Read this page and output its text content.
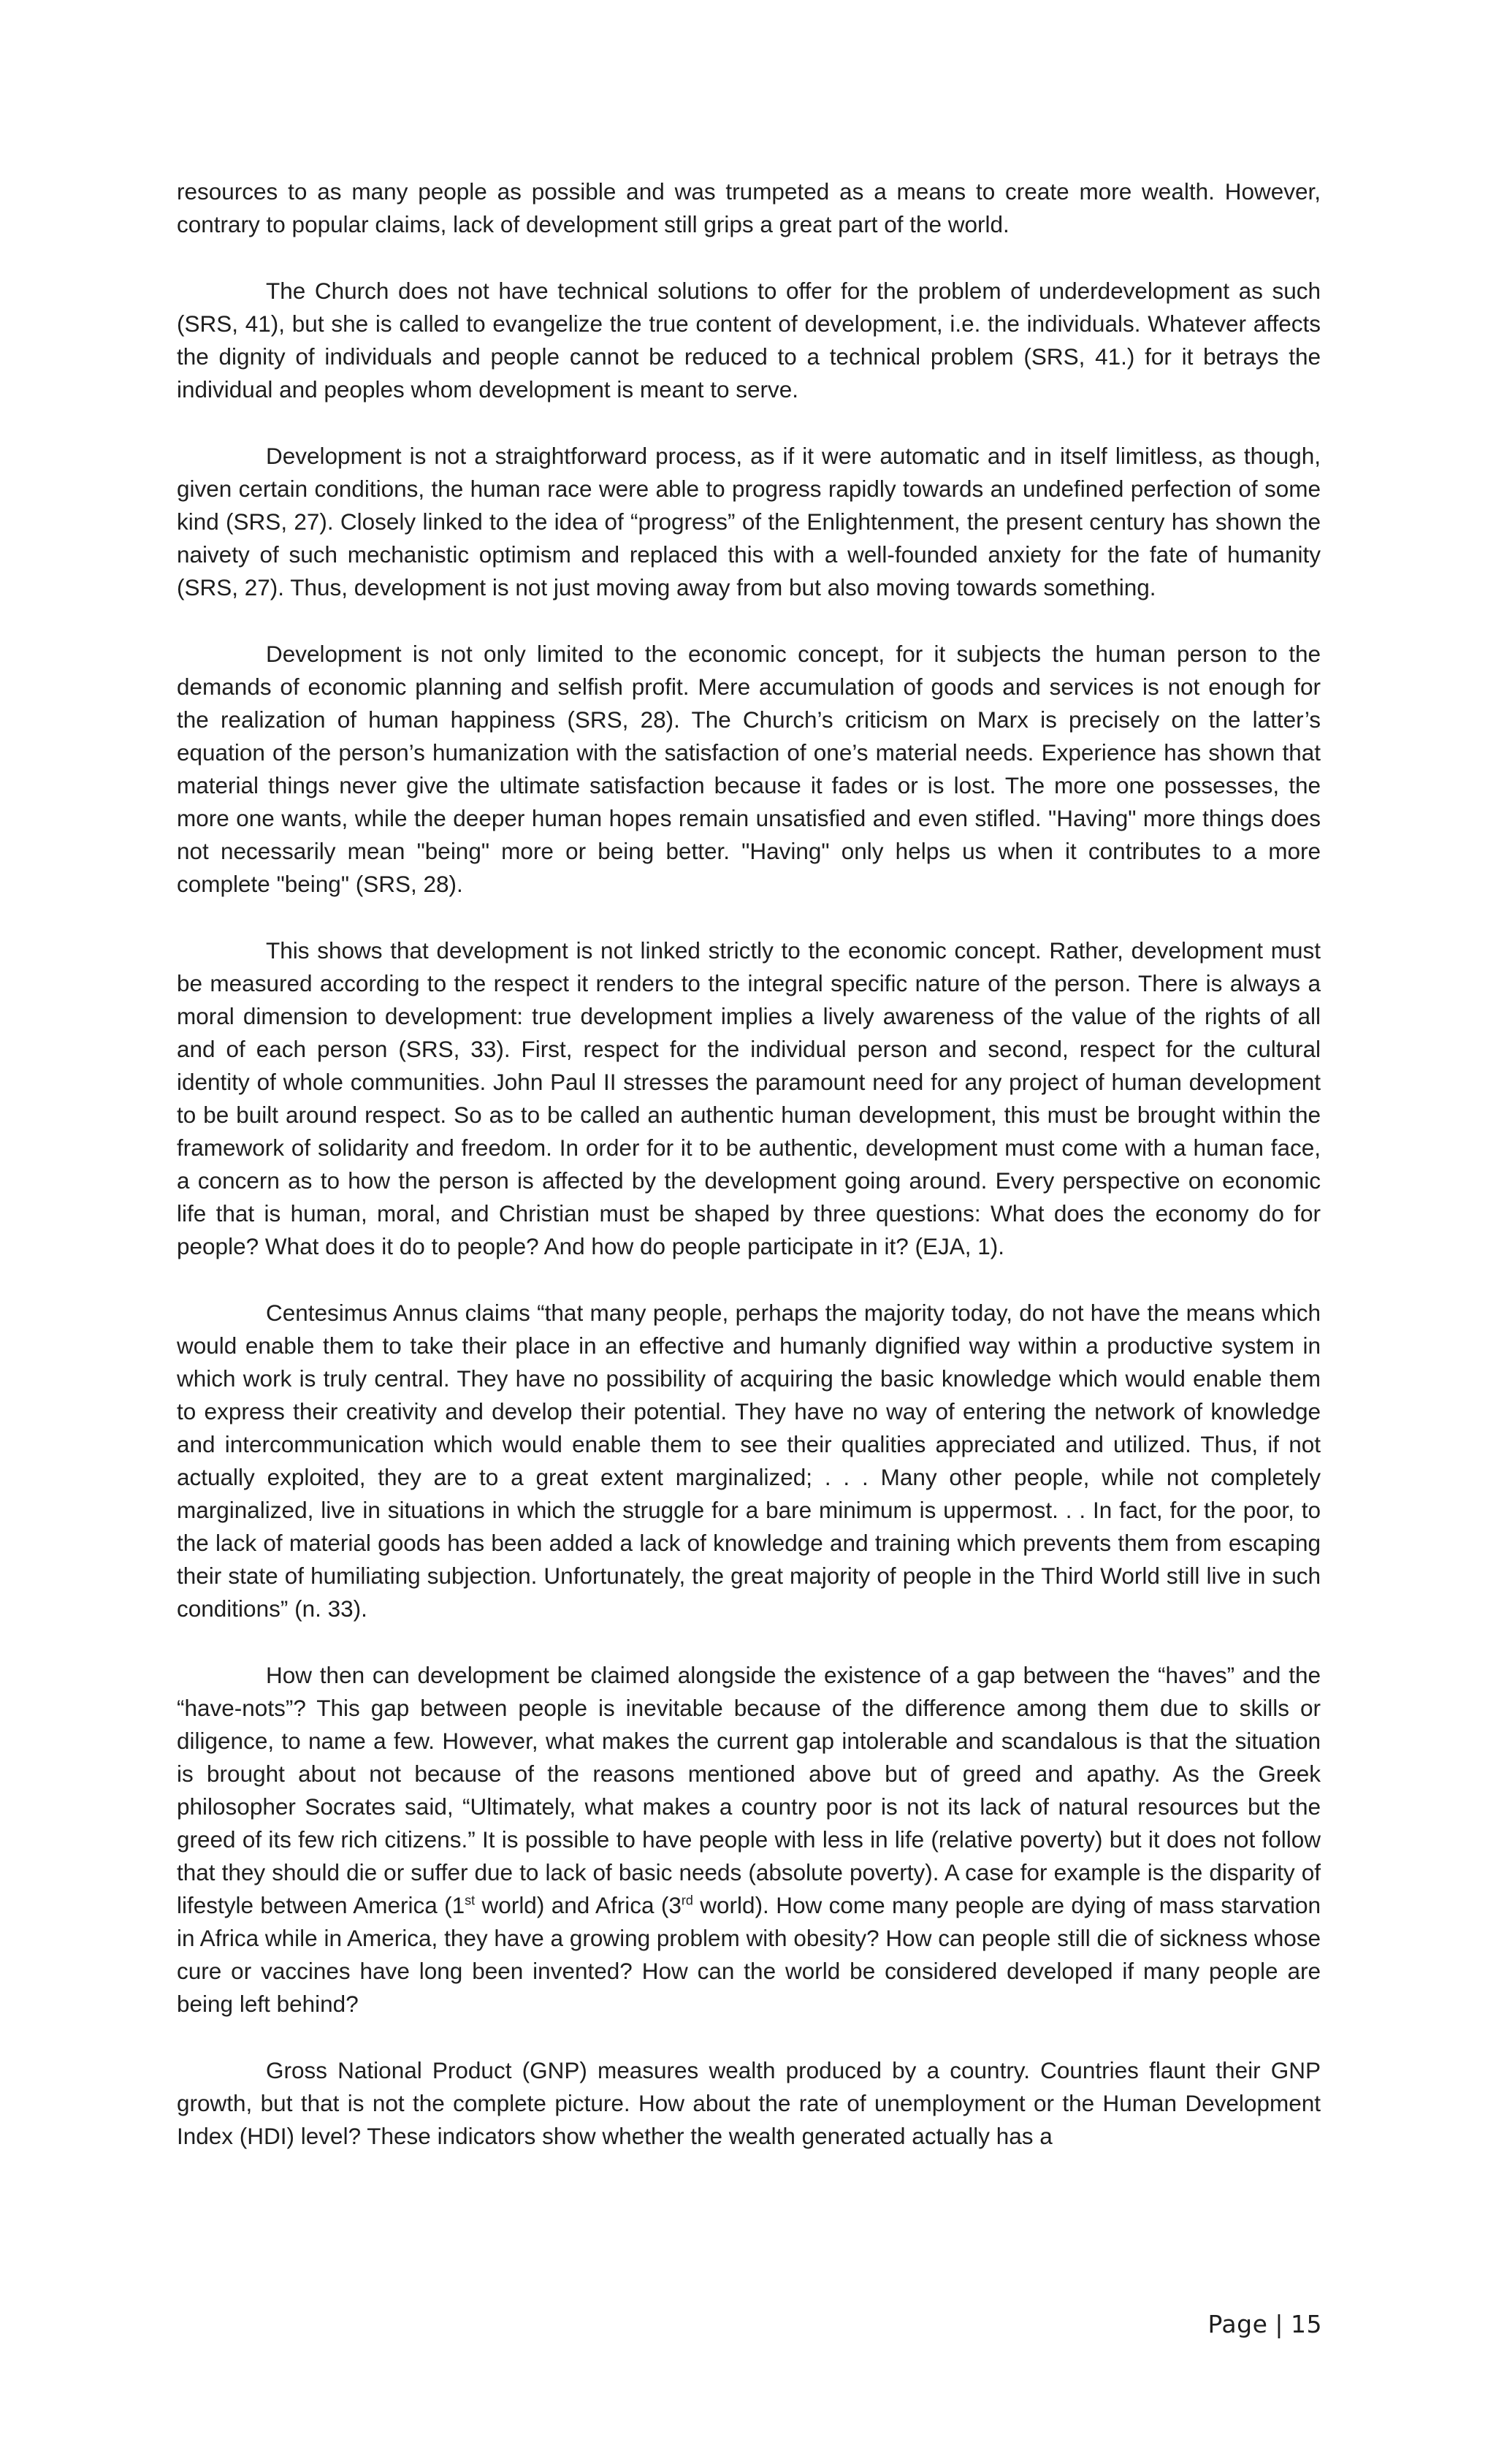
resources to as many people as possible and was trumpeted as a means to create more wealth. However, contrary to popular claims, lack of development still grips a great part of the world.

The Church does not have technical solutions to offer for the problem of underdevelopment as such (SRS, 41), but she is called to evangelize the true content of development, i.e. the individuals. Whatever affects the dignity of individuals and people cannot be reduced to a technical problem (SRS, 41.) for it betrays the individual and peoples whom development is meant to serve.

Development is not a straightforward process, as if it were automatic and in itself limitless, as though, given certain conditions, the human race were able to progress rapidly towards an undefined perfection of some kind (SRS, 27). Closely linked to the idea of “progress” of the Enlightenment, the present century has shown the naivety of such mechanistic optimism and replaced this with a well-founded anxiety for the fate of humanity (SRS, 27). Thus, development is not just moving away from but also moving towards something.

Development is not only limited to the economic concept, for it subjects the human person to the demands of economic planning and selfish profit. Mere accumulation of goods and services is not enough for the realization of human happiness (SRS, 28). The Church’s criticism on Marx is precisely on the latter’s equation of the person’s humanization with the satisfaction of one’s material needs. Experience has shown that material things never give the ultimate satisfaction because it fades or is lost. The more one possesses, the more one wants, while the deeper human hopes remain unsatisfied and even stifled. "Having" more things does not necessarily mean "being" more or being better. "Having" only helps us when it contributes to a more complete "being" (SRS, 28).

This shows that development is not linked strictly to the economic concept. Rather, development must be measured according to the respect it renders to the integral specific nature of the person. There is always a moral dimension to development: true development implies a lively awareness of the value of the rights of all and of each person (SRS, 33). First, respect for the individual person and second, respect for the cultural identity of whole communities. John Paul II stresses the paramount need for any project of human development to be built around respect. So as to be called an authentic human development, this must be brought within the framework of solidarity and freedom. In order for it to be authentic, development must come with a human face, a concern as to how the person is affected by the development going around. Every perspective on economic life that is human, moral, and Christian must be shaped by three questions: What does the economy do for people? What does it do to people? And how do people participate in it? (EJA, 1).

Centesimus Annus claims “that many people, perhaps the majority today, do not have the means which would enable them to take their place in an effective and humanly dignified way within a productive system in which work is truly central. They have no possibility of acquiring the basic knowledge which would enable them to express their creativity and develop their potential. They have no way of entering the network of knowledge and intercommunication which would enable them to see their qualities appreciated and utilized. Thus, if not actually exploited, they are to a great extent marginalized; . . . Many other people, while not completely marginalized, live in situations in which the struggle for a bare minimum is uppermost. . . In fact, for the poor, to the lack of material goods has been added a lack of knowledge and training which prevents them from escaping their state of humiliating subjection. Unfortunately, the great majority of people in the Third World still live in such conditions” (n. 33).

How then can development be claimed alongside the existence of a gap between the “haves” and the “have-nots”? This gap between people is inevitable because of the difference among them due to skills or diligence, to name a few. However, what makes the current gap intolerable and scandalous is that the situation is brought about not because of the reasons mentioned above but of greed and apathy. As the Greek philosopher Socrates said, “Ultimately, what makes a country poor is not its lack of natural resources but the greed of its few rich citizens.” It is possible to have people with less in life (relative poverty) but it does not follow that they should die or suffer due to lack of basic needs (absolute poverty). A case for example is the disparity of lifestyle between America (1st world) and Africa (3rd world). How come many people are dying of mass starvation in Africa while in America, they have a growing problem with obesity? How can people still die of sickness whose cure or vaccines have long been invented? How can the world be considered developed if many people are being left behind?

Gross National Product (GNP) measures wealth produced by a country. Countries flaunt their GNP growth, but that is not the complete picture. How about the rate of unemployment or the Human Development Index (HDI) level? These indicators show whether the wealth generated actually has a

Page | 15
